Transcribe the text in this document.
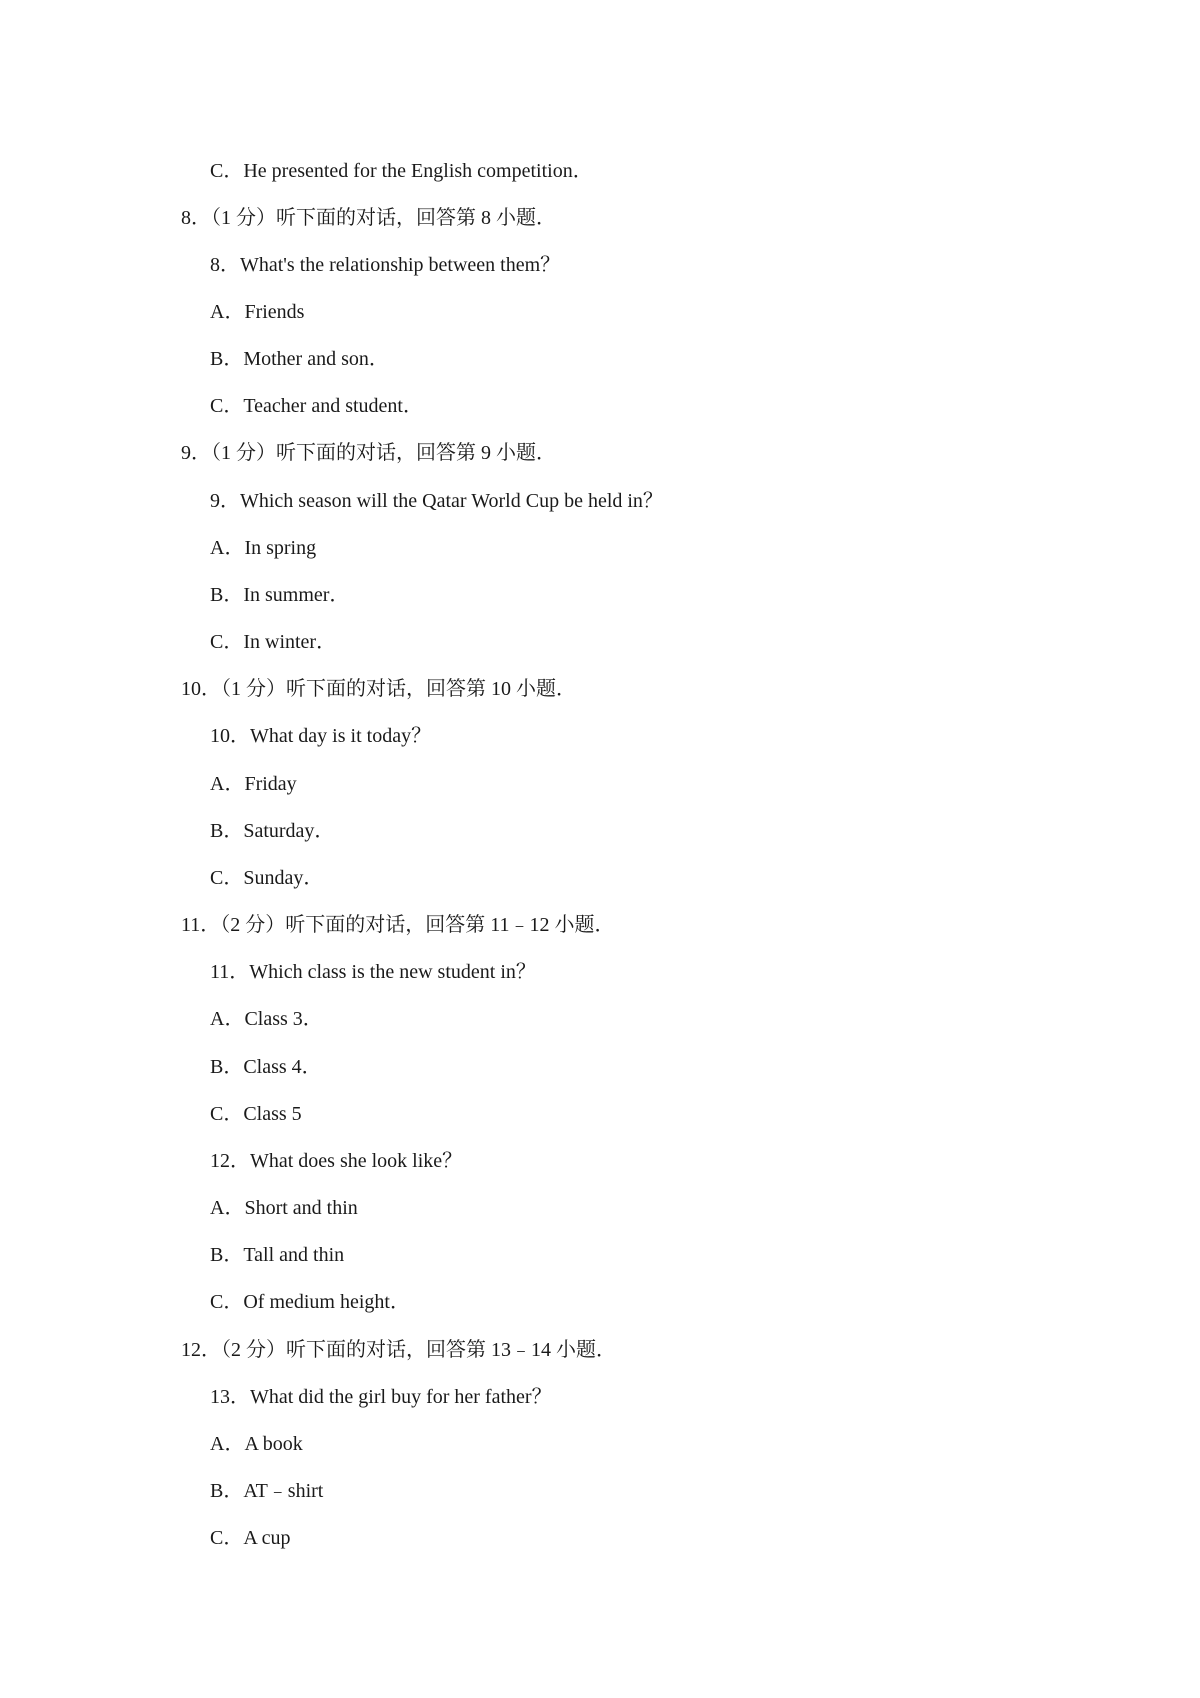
C．He presented for the English competition．
8．（1 分）听下面的对话，回答第 8 小题．
8．What's the relationship between them？
A．Friends
B．Mother and son．
C．Teacher and student．
9．（1 分）听下面的对话，回答第 9 小题．
9．Which season will the Qatar World Cup be held in？
A．In spring
B．In summer．
C．In winter．
10．（1 分）听下面的对话，回答第 10 小题．
10．What day is it today？
A．Friday
B．Saturday．
C．Sunday．
11．（2 分）听下面的对话，回答第 11﹣12 小题．
11．Which class is the new student in？
A．Class 3．
B．Class 4．
C．Class 5
12．What does she look like？
A．Short and thin
B．Tall and thin
C．Of medium height．
12．（2 分）听下面的对话，回答第 13﹣14 小题．
13．What did the girl buy for her father？
A．A book
B．AT﹣shirt
C．A cup
